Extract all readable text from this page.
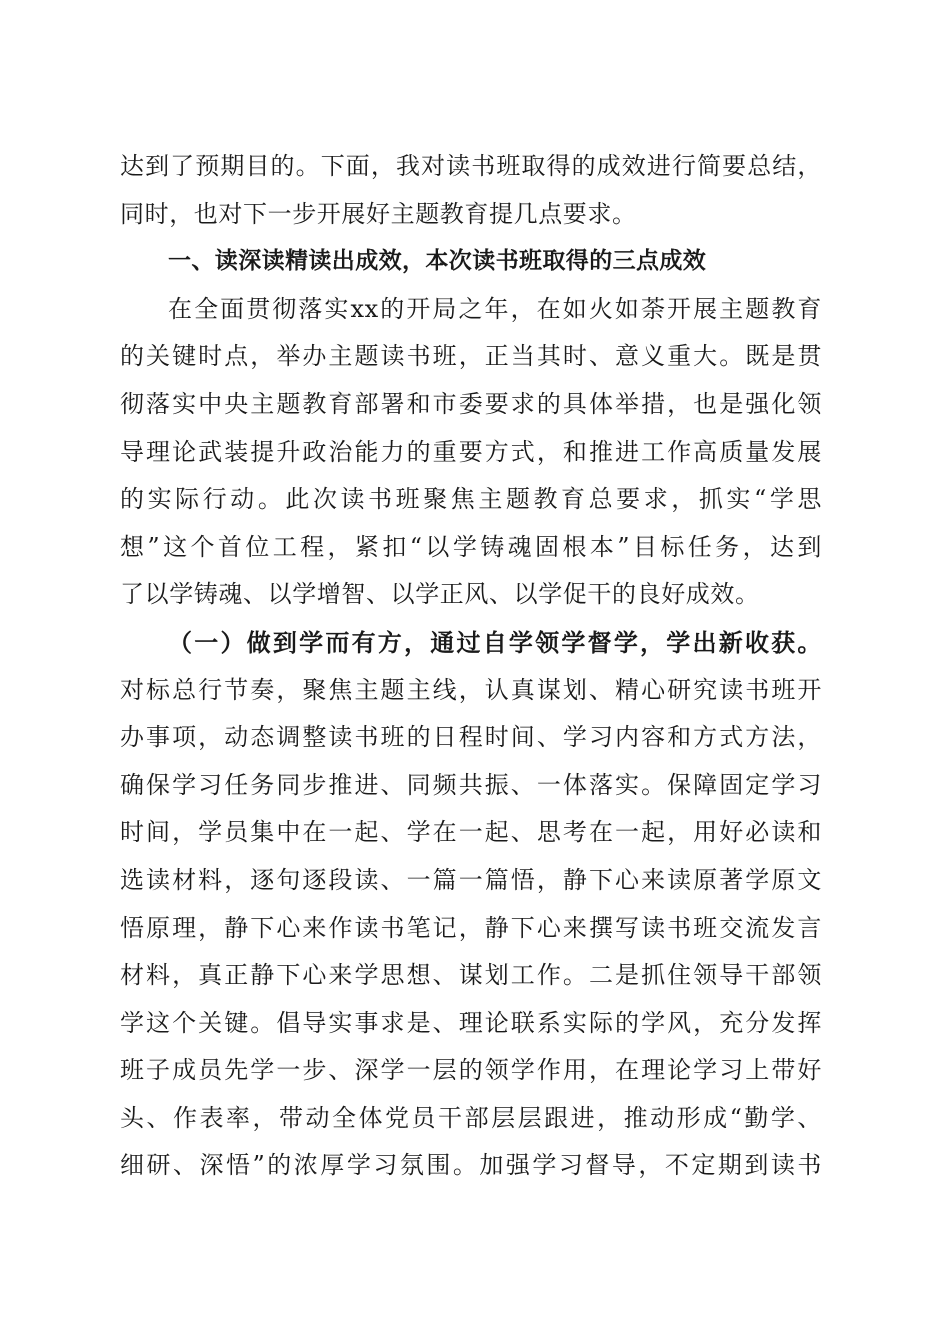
达到了预期目的。下面，我对读书班取得的成效进行简要总结，
同时，也对下一步开展好主题教育提几点要求。
一、读深读精读出成效，本次读书班取得的三点成效
在全面贯彻落实xx的开局之年，在如火如荼开展主题教育
的关键时点，举办主题读书班，正当其时、意义重大。既是贯
彻落实中央主题教育部署和市委要求的具体举措，也是强化领
导理论武装提升政治能力的重要方式，和推进工作高质量发展
的实际行动。此次读书班聚焦主题教育总要求，抓实“学思
想”这个首位工程，紧扣“以学铸魂固根本”目标任务，达到
了以学铸魂、以学增智、以学正风、以学促干的良好成效。
（一）做到学而有方，通过自学领学督学，学出新收获。
对标总行节奏，聚焦主题主线，认真谋划、精心研究读书班开
办事项，动态调整读书班的日程时间、学习内容和方式方法，
确保学习任务同步推进、同频共振、一体落实。保障固定学习
时间，学员集中在一起、学在一起、思考在一起，用好必读和
选读材料，逐句逐段读、一篇一篇悟，静下心来读原著学原文
悟原理，静下心来作读书笔记，静下心来撰写读书班交流发言
材料，真正静下心来学思想、谋划工作。二是抓住领导干部领
学这个关键。倡导实事求是、理论联系实际的学风，充分发挥
班子成员先学一步、深学一层的领学作用，在理论学习上带好
头、作表率，带动全体党员干部层层跟进，推动形成“勤学、
细研、深悟”的浓厚学习氛围。加强学习督导，不定期到读书
